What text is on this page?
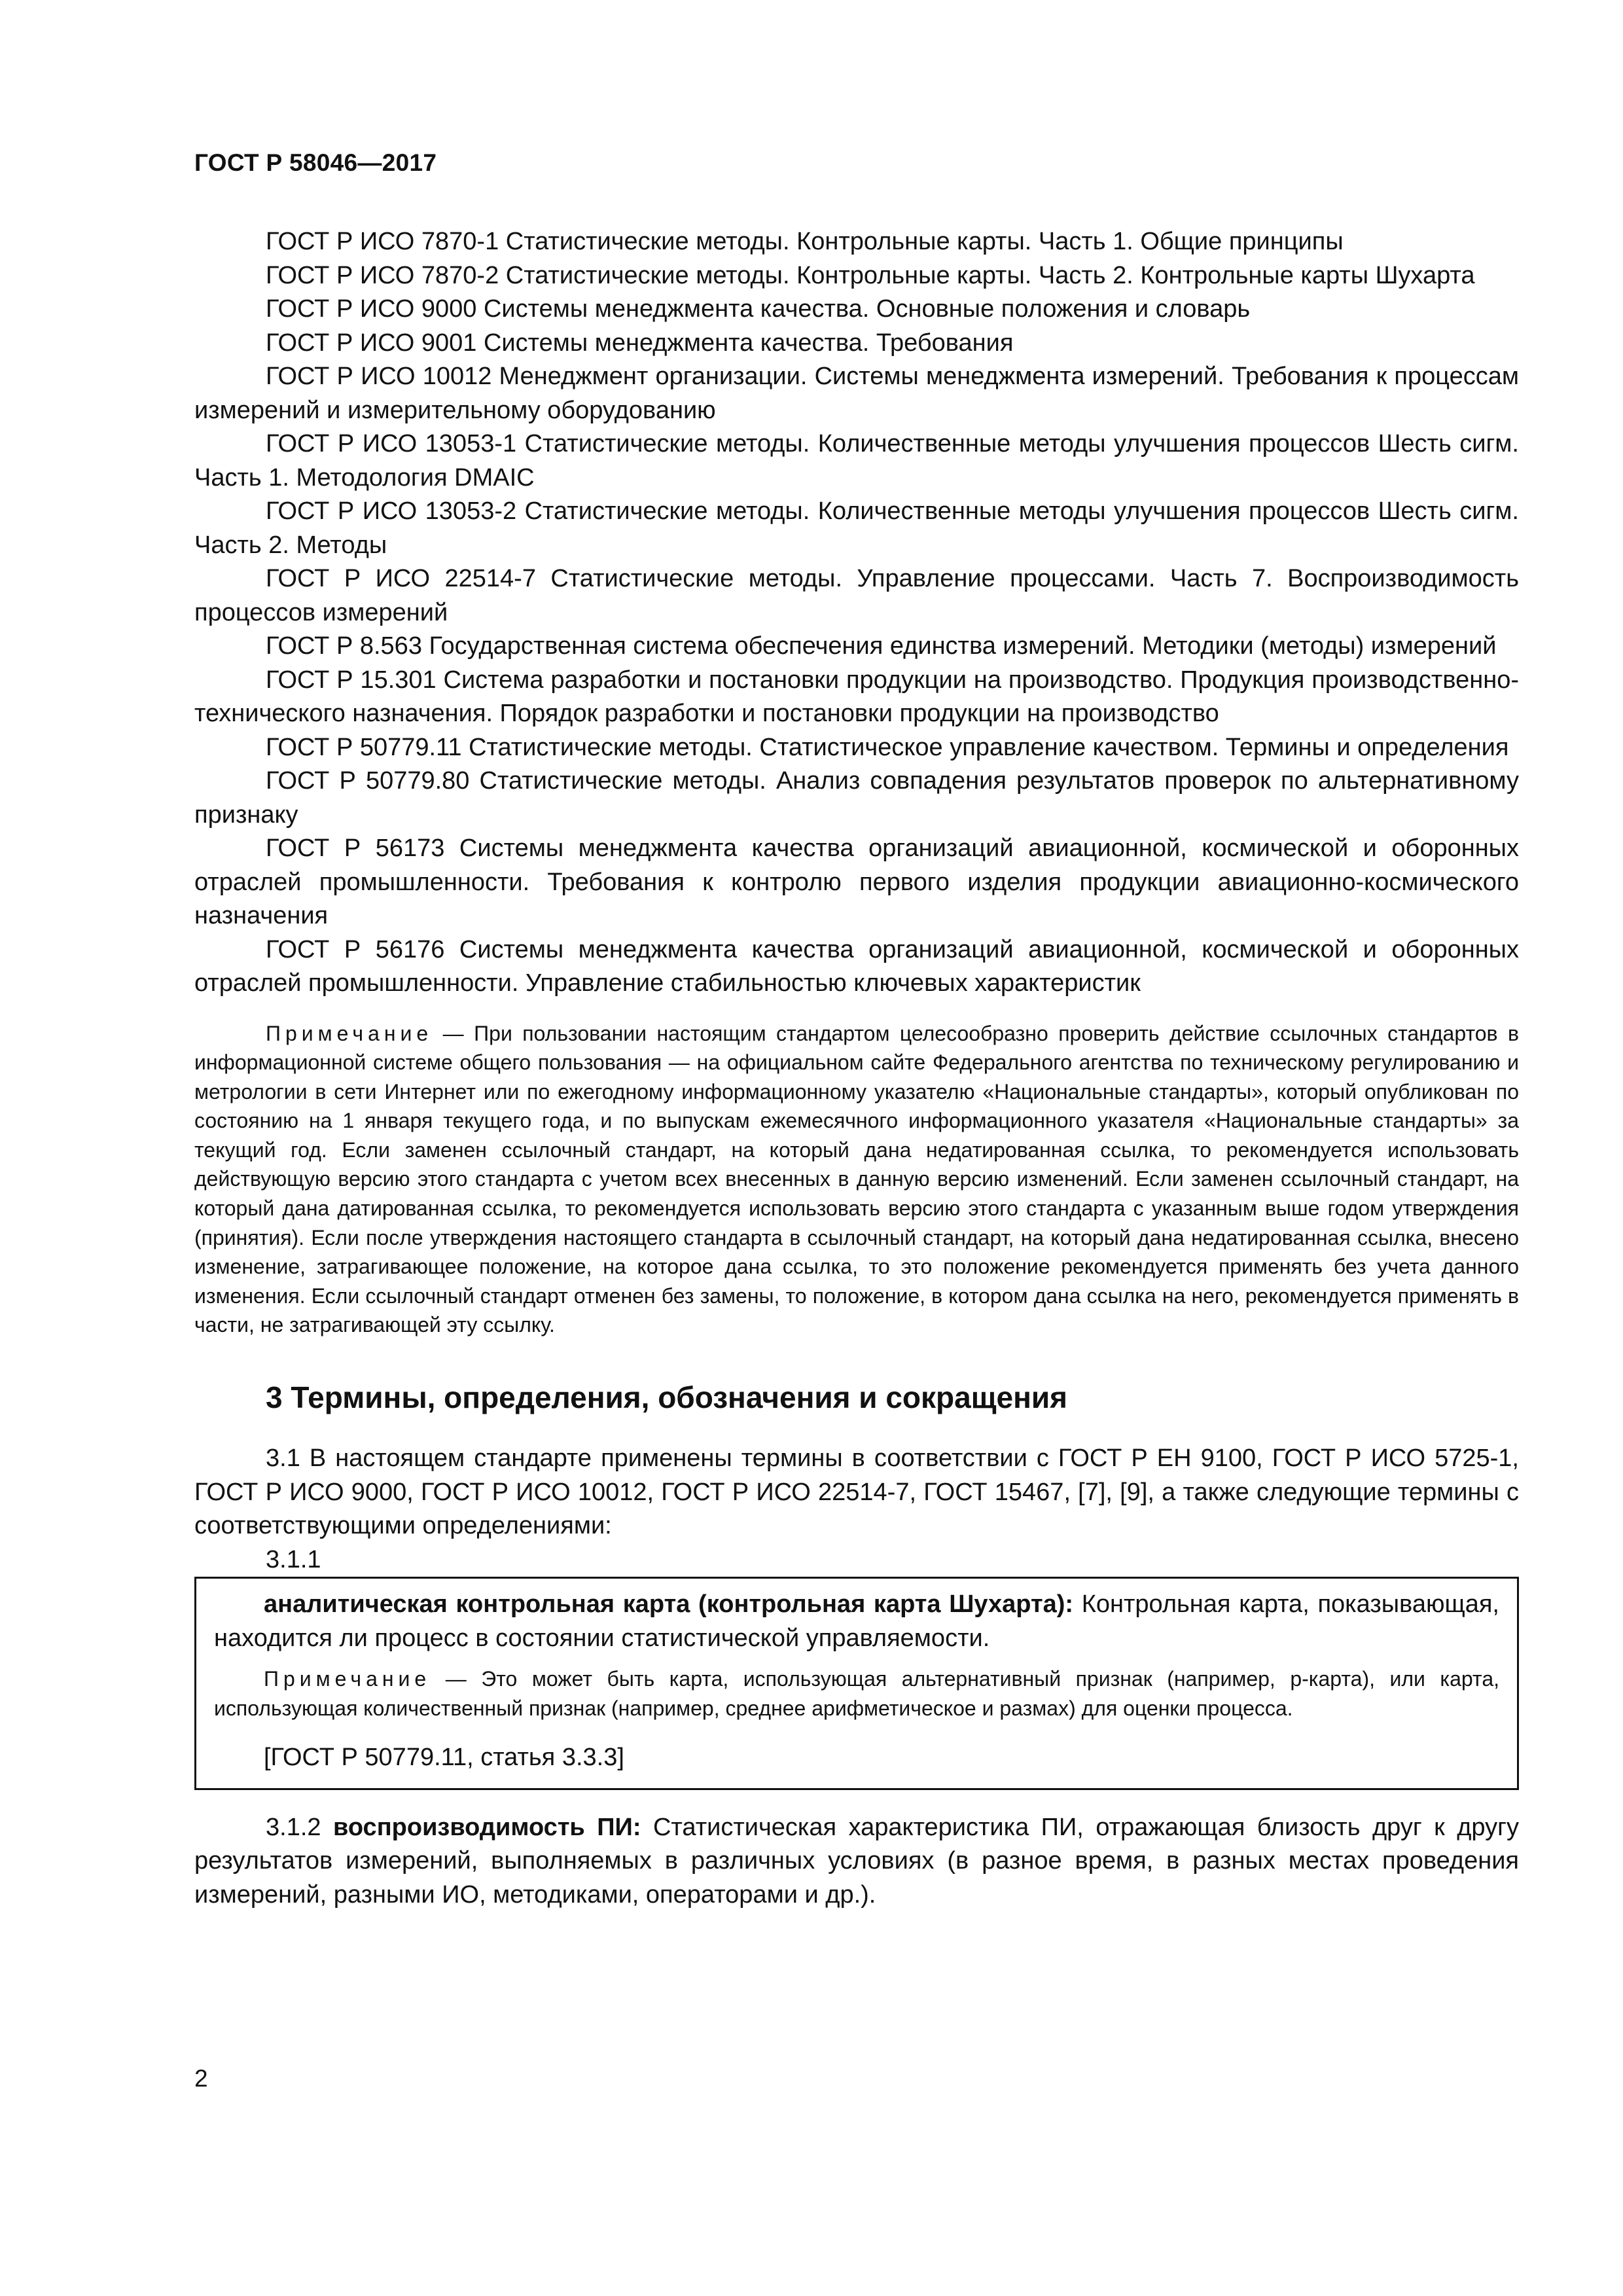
ГОСТ Р 58046—2017

ГОСТ Р ИСО 7870-1 Статистические методы. Контрольные карты. Часть 1. Общие принципы

ГОСТ Р ИСО 7870-2 Статистические методы. Контрольные карты. Часть 2. Контрольные карты Шухарта

ГОСТ Р ИСО 9000 Системы менеджмента качества. Основные положения и словарь

ГОСТ Р ИСО 9001 Системы менеджмента качества. Требования

ГОСТ Р ИСО 10012 Менеджмент организации. Системы менеджмента измерений. Требования к процессам измерений и измерительному оборудованию

ГОСТ Р ИСО 13053-1 Статистические методы. Количественные методы улучшения процессов Шесть сигм. Часть 1. Методология DMAIC

ГОСТ Р ИСО 13053-2 Статистические методы. Количественные методы улучшения процессов Шесть сигм. Часть 2. Методы

ГОСТ Р ИСО 22514-7 Статистические методы. Управление процессами. Часть 7. Воспроизводимость процессов измерений

ГОСТ Р 8.563 Государственная система обеспечения единства измерений. Методики (методы) измерений

ГОСТ Р 15.301 Система разработки и постановки продукции на производство. Продукция производственно-технического назначения. Порядок разработки и постановки продукции на производство

ГОСТ Р 50779.11 Статистические методы. Статистическое управление качеством. Термины и определения

ГОСТ Р 50779.80 Статистические методы. Анализ совпадения результатов проверок по альтернативному признаку

ГОСТ Р 56173 Системы менеджмента качества организаций авиационной, космической и оборонных отраслей промышленности. Требования к контролю первого изделия продукции авиационно-космического назначения

ГОСТ Р 56176 Системы менеджмента качества организаций авиационной, космической и оборонных отраслей промышленности. Управление стабильностью ключевых характеристик

Примечание — При пользовании настоящим стандартом целесообразно проверить действие ссылочных стандартов в информационной системе общего пользования — на официальном сайте Федерального агентства по техническому регулированию и метрологии в сети Интернет или по ежегодному информационному указателю «Национальные стандарты», который опубликован по состоянию на 1 января текущего года, и по выпускам ежемесячного информационного указателя «Национальные стандарты» за текущий год. Если заменен ссылочный стандарт, на который дана недатированная ссылка, то рекомендуется использовать действующую версию этого стандарта с учетом всех внесенных в данную версию изменений. Если заменен ссылочный стандарт, на который дана датированная ссылка, то рекомендуется использовать версию этого стандарта с указанным выше годом утверждения (принятия). Если после утверждения настоящего стандарта в ссылочный стандарт, на который дана недатированная ссылка, внесено изменение, затрагивающее положение, на которое дана ссылка, то это положение рекомендуется применять без учета данного изменения. Если ссылочный стандарт отменен без замены, то положение, в котором дана ссылка на него, рекомендуется применять в части, не затрагивающей эту ссылку.

3 Термины, определения, обозначения и сокращения

3.1 В настоящем стандарте применены термины в соответствии с ГОСТ Р ЕН 9100, ГОСТ Р ИСО 5725-1, ГОСТ Р ИСО 9000, ГОСТ Р ИСО 10012, ГОСТ Р ИСО 22514-7, ГОСТ 15467, [7], [9], а также следующие термины с соответствующими определениями:

3.1.1

аналитическая контрольная карта (контрольная карта Шухарта): Контрольная карта, показывающая, находится ли процесс в состоянии статистической управляемости.

Примечание — Это может быть карта, использующая альтернативный признак (например, р-карта), или карта, использующая количественный признак (например, среднее арифметическое и размах) для оценки процесса.

[ГОСТ Р 50779.11, статья 3.3.3]

3.1.2 воспроизводимость ПИ: Статистическая характеристика ПИ, отражающая близость друг к другу результатов измерений, выполняемых в различных условиях (в разное время, в разных местах проведения измерений, разными ИО, методиками, операторами и др.).

2
